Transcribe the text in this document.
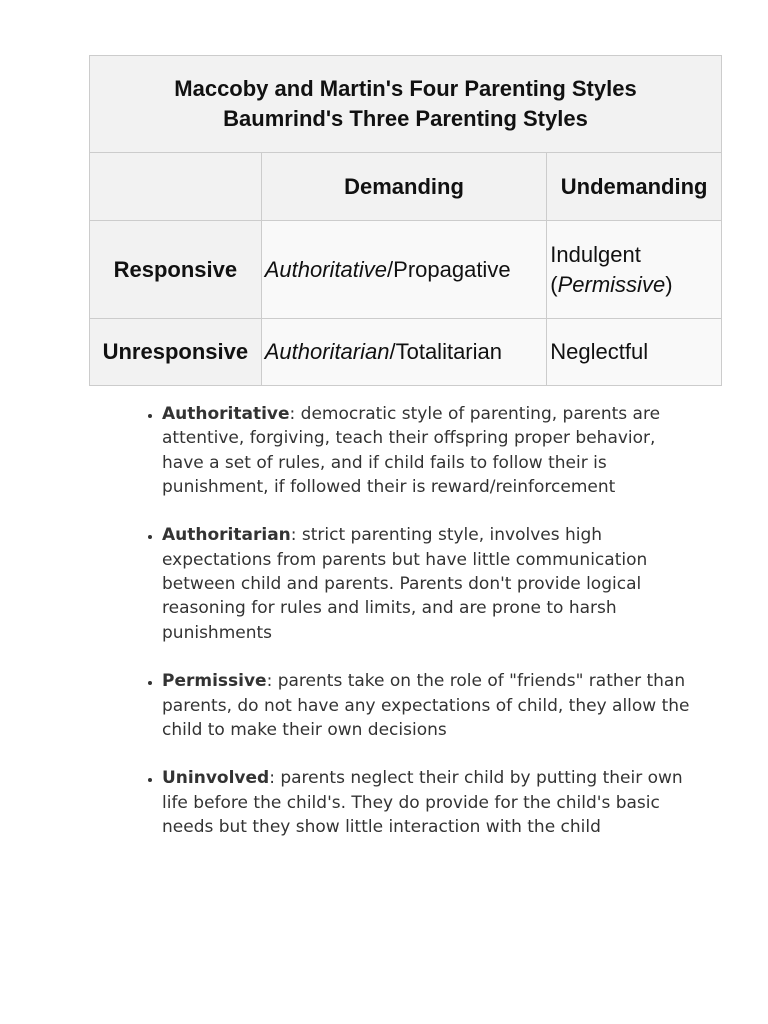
Maccoby and Martin's Four Parenting Styles
Baumrind's Three Parenting Styles		

	Demanding	Undemanding
Responsive	Authoritative/Propagative	Indulgent
(Permissive)
Unresponsive	Authoritarian/Totalitarian	Neglectful
• Authoritative: democratic style of parenting, parents are attentive, forgiving, teach their offspring proper behavior, have a set of rules, and if child fails to follow their is punishment, if followed their is reward/reinforcement
• Authoritarian: strict parenting style, involves high expectations from parents but have little communication between child and parents. Parents don't provide logical reasoning for rules and limits, and are prone to harsh punishments
• Permissive: parents take on the role of "friends" rather than parents, do not have any expectations of child, they allow the child to make their own decisions
• Uninvolved: parents neglect their child by putting their own life before the child's. They do provide for the child's basic needs but they show little interaction with the child
